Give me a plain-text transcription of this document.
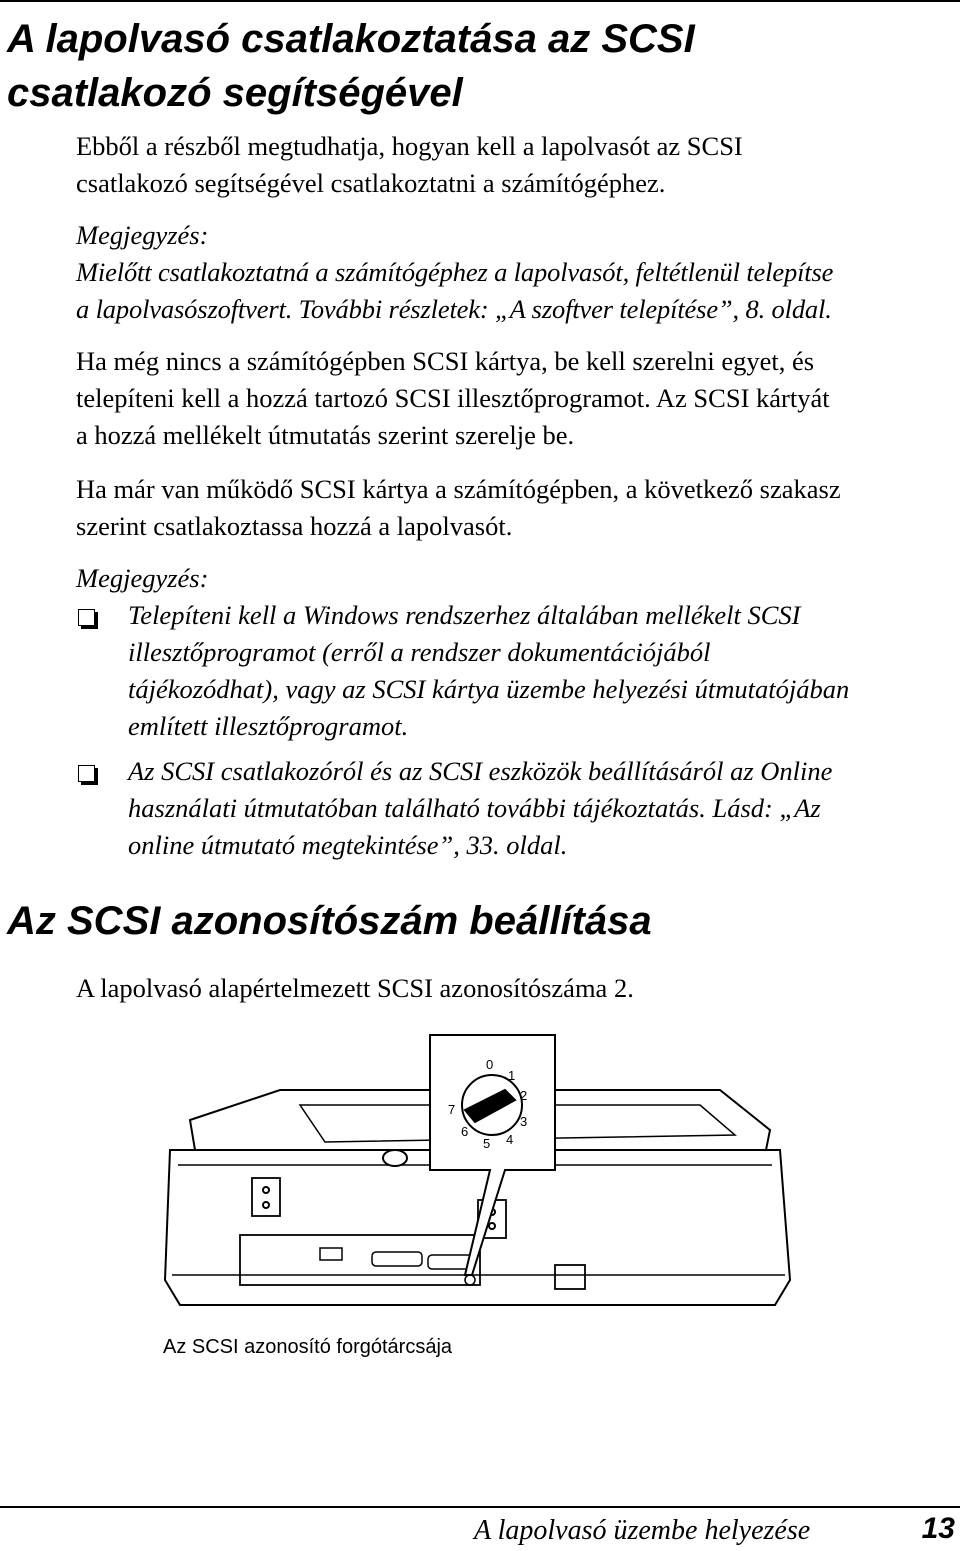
A lapolvasó csatlakoztatása az SCSI
csatlakozó segítségével

Ebből a részből megtudhatja, hogyan kell a lapolvasót az SCSI
csatlakozó segítségével csatlakoztatni a számítógéphez.

Megjegyzés:

Mielőtt csatlakoztatná a számítógéphez a lapolvasót, feltétlenül telepítse
a lapolvasószoftvert. További részletek: „A szoftver telepítése”, 8. oldal.

Ha még nincs a számítógépben SCSI kártya, be kell szerelni egyet, és
telepíteni kell a hozzá tartozó SCSI illesztőprogramot. Az SCSI kártyát
a hozzá mellékelt útmutatás szerint szerelje be.

Ha már van működő SCSI kártya a számítógépben, a következő szakasz
szerint csatlakoztassa hozzá a lapolvasót.

Megjegyzés:

Telepíteni kell a Windows rendszerhez általában mellékelt SCSI
illesztőprogramot (erről a rendszer dokumentációjából
tájékozódhat), vagy az SCSI kártya üzembe helyezési útmutatójában
említett illesztőprogramot.
Az SCSI csatlakozóról és az SCSI eszközök beállításáról az Online
használati útmutatóban található további tájékoztatás. Lásd: „Az
online útmutató megtekintése”, 33. oldal.
Az SCSI azonosítószám beállítása

A lapolvasó alapértelmezett SCSI azonosítószáma 2.

0
1
2
3
4
5
6
7
Az SCSI azonosító forgótárcsája
A lapolvasó üzembe helyezése	13
